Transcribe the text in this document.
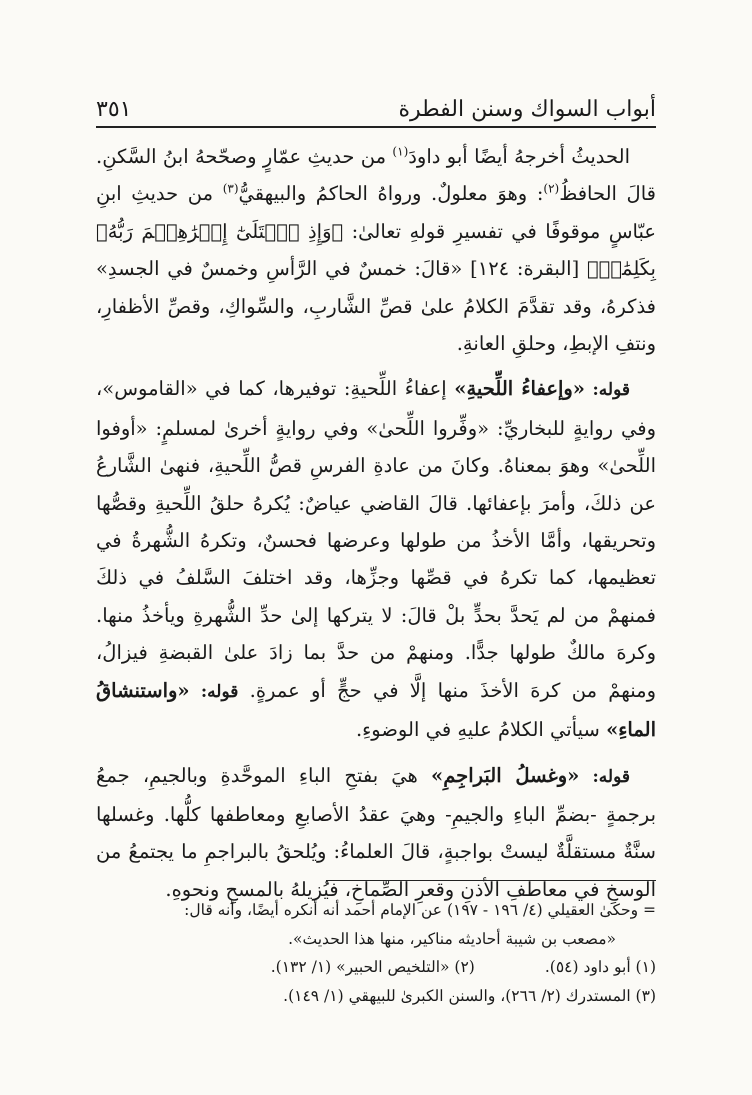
أبواب السواك وسنن الفطرة
٣٥١

الحديثُ أخرجهُ أيضًا أبو داودَ$^{(١)}$ من حديثِ عمّارٍ وصحّحهُ ابنُ السَّكنِ. قالَ الحافظُ$^{(٢)}$: وهوَ معلولٌ. ورواهُ الحاكمُ والبيهقيُّ$^{(٣)}$ من حديثِ ابنِ عبّاسٍ موقوفًا في تفسيرِ قولهِ تعالىٰ: ﴿وَإِذِ ٱبۡتَلَىٰٓ إِبۡرَٰهِـۧمَ رَبُّهُۥ بِكَلِمَٰتٖ﴾ [البقرة: ١٢٤] «قالَ: خمسٌ في الرَّأسِ وخمسٌ في الجسدِ» فذكرهُ، وقد تقدَّمَ الكلامُ علىٰ قصِّ الشَّاربِ، والسِّواكِ، وقصِّ الأظفارِ، ونتفِ الإبطِ، وحلقِ العانةِ.

قوله: «وإعفاءُ اللِّحيةِ» إعفاءُ اللِّحيةِ: توفيرها، كما في «القاموس»، وفي روايةٍ للبخاريِّ: «وفِّروا اللِّحىٰ» وفي روايةٍ أخرىٰ لمسلمٍ: «أوفوا اللِّحىٰ» وهوَ بمعناهُ. وكانَ من عادةِ الفرسِ قصُّ اللِّحيةِ، فنهىٰ الشَّارعُ عن ذلكَ، وأمرَ بإعفائها. قالَ القاضي عياضٌ: يُكرهُ حلقُ اللِّحيةِ وقصُّها وتحريقها، وأمَّا الأخذُ من طولها وعرضها فحسنٌ، وتكرهُ الشُّهرةُ في تعظيمها، كما تكرهُ في قصِّها وجزِّها، وقد اختلفَ السَّلفُ في ذلكَ فمنهمْ من لم يَحدَّ بحدٍّ بلْ قالَ: لا يتركها إلىٰ حدِّ الشُّهرةِ ويأخذُ منها. وكرهَ مالكٌ طولها جدًّا. ومنهمْ من حدَّ بما زادَ علىٰ القبضةِ فيزالُ، ومنهمْ من كرهَ الأخذَ منها إلَّا في حجٍّ أو عمرةٍ. قوله: «واستنشاقُ الماءِ» سيأتي الكلامُ عليهِ في الوضوءِ.

قوله: «وغسلُ البَراجِمِ» هيَ بفتحِ الباءِ الموحَّدةِ وبالجيمِ، جمعُ برجمةٍ -بضمِّ الباءِ والجيمِ- وهيَ عقدُ الأصابعِ ومعاطفها كلُّها. وغسلها سنَّةٌ مستقلَّةٌ ليستْ بواجبةٍ، قالَ العلماءُ: ويُلحقُ بالبراجمِ ما يجتمعُ من الوسخِ في معاطفِ الأذنِ وقعرِ الصِّماخِ، فيُزيلهُ بالمسحِ ونحوهِ.

= وحكىٰ العقيلي (٤/ ١٩٦ - ١٩٧) عن الإمام أحمد أنه أنكره أيضًا، وأنه قال:
«مصعب بن شيبة أحاديثه مناكير، منها هذا الحديث».
(١) أبو داود (٥٤).
(٢) «التلخيص الحبير» (١/ ١٣٢).
(٣) المستدرك (٢/ ٢٦٦)، والسنن الكبرىٰ للبيهقي (١/ ١٤٩).
